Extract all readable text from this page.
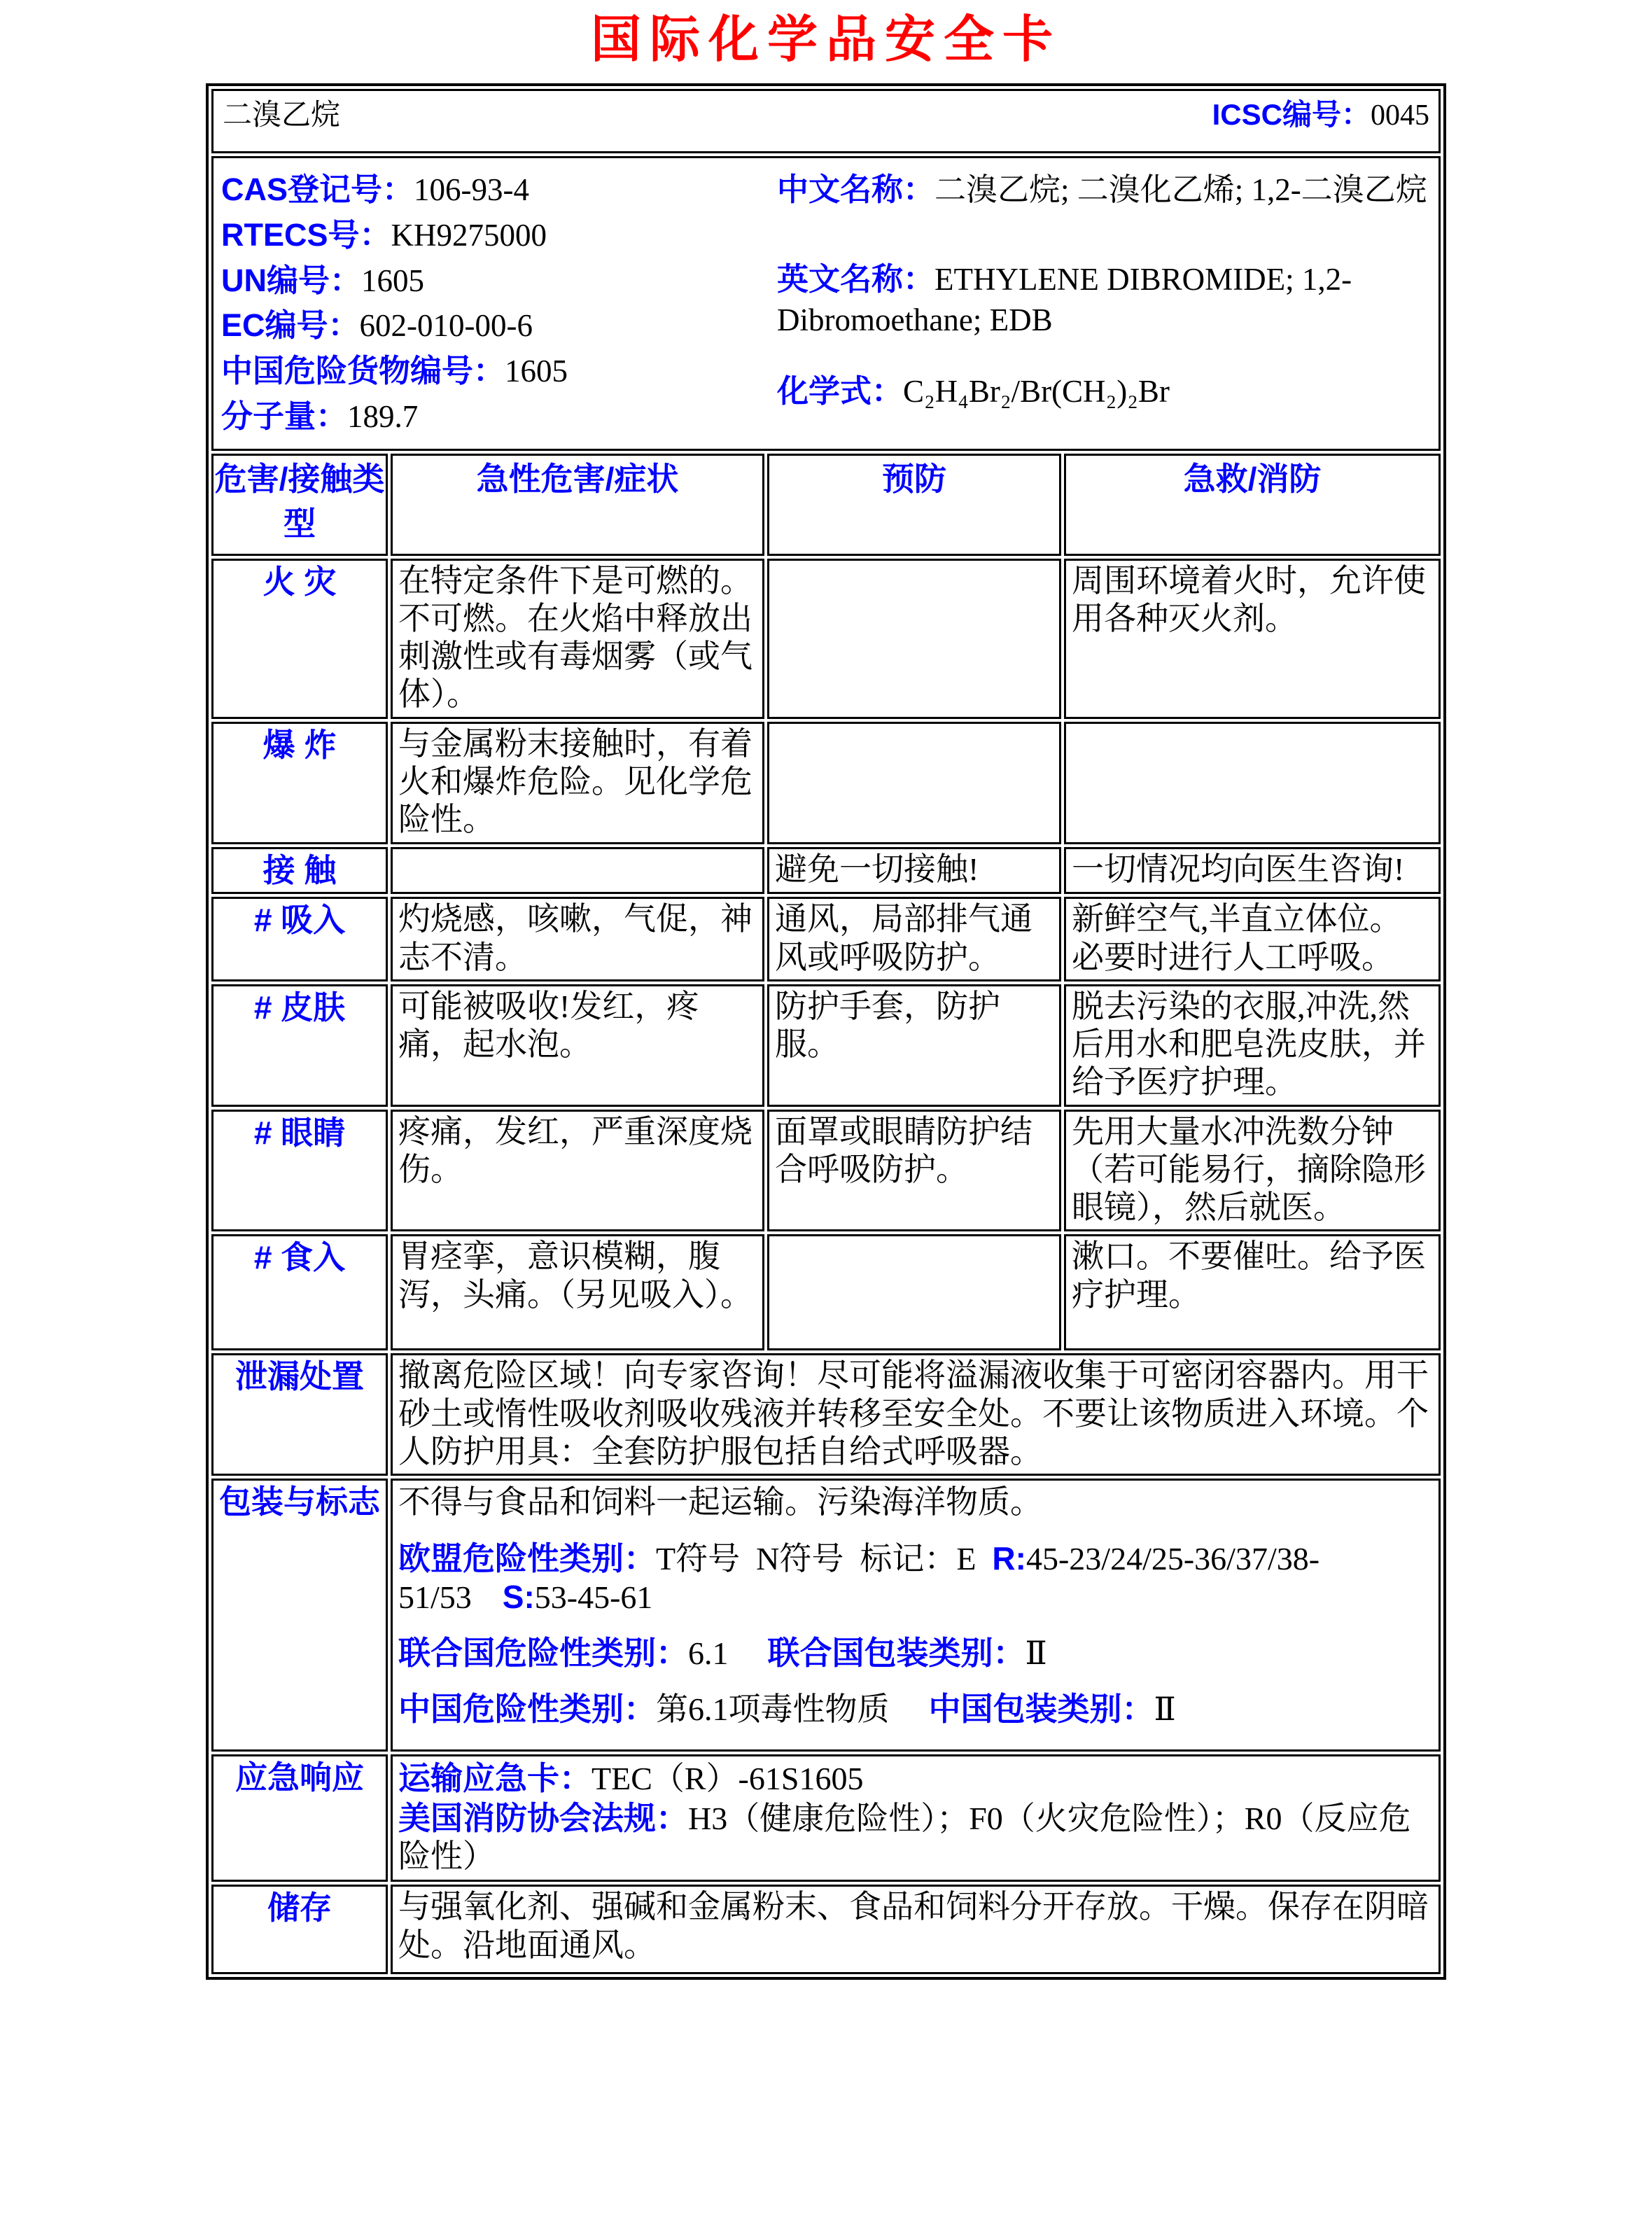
国际化学品安全卡
二溴乙烷 ICSC编号：0045			

CAS登记号：106-93-4
RTECS号：KH9275000
UN编号：1605
EC编号：602-010-00-6
中国危险货物编号：1605
分子量：189.7
中文名称：二溴乙烷; 二溴化乙烯; 1,2-二溴乙烷
英文名称：ETHYLENE DIBROMIDE; 1,2-Dibromoethane; EDB
化学式：C₂H₄Br₂/Br(CH₂)₂Br

危害/接触类型	急性危害/症状	预防	急救/消防
火 灾	在特定条件下是可燃的。不可燃。在火焰中释放出刺激性或有毒烟雾（或气体）。		周围环境着火时，允许使用各种灭火剂。
爆 炸	与金属粉末接触时，有着火和爆炸危险。见化学危险性。		
接 触		避免一切接触!	一切情况均向医生咨询!
# 吸入	灼烧感，咳嗽，气促，神志不清。	通风，局部排气通风或呼吸防护。	新鲜空气,半直立体位。必要时进行人工呼吸。
# 皮肤	可能被吸收!发红，疼痛，起水泡。	防护手套，防护服。	脱去污染的衣服,冲洗,然后用水和肥皂洗皮肤，并给予医疗护理。
# 眼睛	疼痛，发红，严重深度烧伤。	面罩或眼睛防护结合呼吸防护。	先用大量水冲洗数分钟（若可能易行，摘除隐形眼镜），然后就医。
# 食入	胃痉挛，意识模糊，腹泻，头痛。（另见吸入）。		漱口。不要催吐。给予医疗护理。
泄漏处置	撤离危险区域！向专家咨询！尽可能将溢漏液收集于可密闭容器内。用干砂土或惰性吸收剂吸收残液并转移至安全处。不要让该物质进入环境。个人防护用具：全套防护服包括自给式呼吸器。		
包装与标志	不得与食品和饲料一起运输。污染海洋物质。
欧盟危险性类别：T符号  N符号  标记：E  R:45-23/24/25-36/37/38-51/53 S:53-45-61
联合国危险性类别：6.1 联合国包装类别：Ⅱ
中国危险性类别：第6.1项毒性物质 中国包装类别：Ⅱ		

应急响应	运输应急卡：TEC（R）-61S1605
美国消防协会法规：H3（健康危险性）；F0（火灾危险性）；R0（反应危险性）		

储存	与强氧化剂、强碱和金属粉末、食品和饲料分开存放。干燥。保存在阴暗处。沿地面通风。		
